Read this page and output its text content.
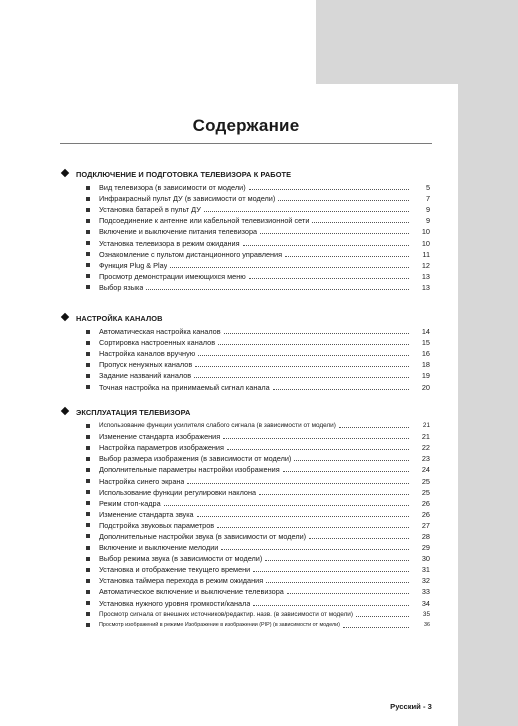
Содержание
ПОДКЛЮЧЕНИЕ И ПОДГОТОВКА ТЕЛЕВИЗОРА К РАБОТЕ
Вид телевизора (в зависимости от модели)	5
Инфракрасный пульт ДУ (в зависимости от модели)	7
Установка батарей в пульт ДУ	9
Подсоединение к антенне или кабельной телевизионной сети	9
Включение и выключение питания телевизора	10
Установка телевизора в режим ожидания	10
Ознакомление с пультом дистанционного управления	11
Функция Plug & Play	12
Просмотр демонстрации имеющихся меню	13
Выбор языка	13
НАСТРОЙКА КАНАЛОВ
Автоматическая настройка каналов	14
Сортировка настроенных каналов	15
Настройка каналов вручную	16
Пропуск ненужных каналов	18
Задание названий каналов	19
Точная настройка на принимаемый сигнал канала	20
ЭКСПЛУАТАЦИЯ ТЕЛЕВИЗОРА
Использование функции усилителя слабого сигнала (в зависимости от модели)	21
Изменение стандарта изображения	21
Настройка параметров изображения	22
Выбор размера изображения (в зависимости от модели)	23
Дополнительные параметры настройки изображения	24
Настройка синего экрана	25
Использование функции регулировки наклона	25
Режим стоп-кадра	26
Изменение стандарта звука	26
Подстройка звуковых параметров	27
Дополнительные настройки звука (в зависимости от модели)	28
Включение и выключение мелодии	29
Выбор режима звука (в зависимости от модели)	30
Установка и отображение текущего времени	31
Установка таймера перехода в режим ожидания	32
Автоматическое включение и выключение телевизора	33
Установка нужного уровня громкости/канала	34
Просмотр сигнала от внешних источников/редактир. назв. (в зависимости от модели)	35
Просмотр изображений в режиме Изображение в изображении (PIP) (в зависимости от модели)	36
Русский - 3
